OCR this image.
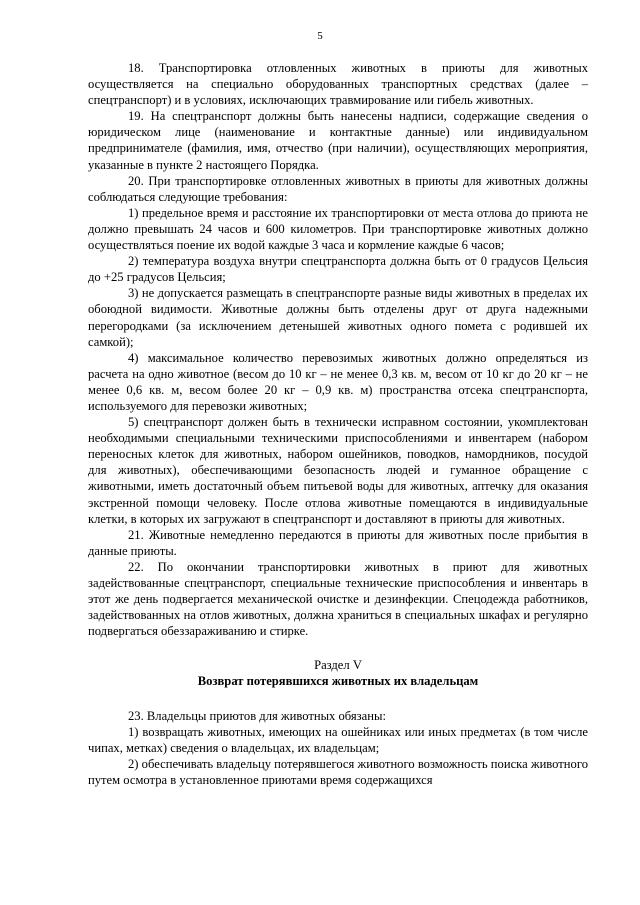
5

18. Транспортировка отловленных животных в приюты для животных осуществляется на специально оборудованных транспортных средствах (далее – спецтранспорт) и в условиях, исключающих травмирование или гибель животных.

19. На спецтранспорт должны быть нанесены надписи, содержащие сведения о юридическом лице (наименование и контактные данные) или индивидуальном предпринимателе (фамилия, имя, отчество (при наличии), осуществляющих мероприятия, указанные в пункте 2 настоящего Порядка.

20. При транспортировке отловленных животных в приюты для животных должны соблюдаться следующие требования:

1) предельное время и расстояние их транспортировки от места отлова до приюта не должно превышать 24 часов и 600 километров. При транспортировке животных должно осуществляться поение их водой каждые 3 часа и кормление каждые 6 часов;

2) температура воздуха внутри спецтранспорта должна быть от 0 градусов Цельсия до +25 градусов Цельсия;

3) не допускается размещать в спецтранспорте разные виды животных в пределах их обоюдной видимости. Животные должны быть отделены друг от друга надежными перегородками (за исключением детенышей животных одного помета с родившей их самкой);

4) максимальное количество перевозимых животных должно определяться из расчета на одно животное (весом до 10 кг – не менее 0,3 кв. м, весом от 10 кг до 20 кг – не менее 0,6 кв. м, весом более 20 кг – 0,9 кв. м) пространства отсека спецтранспорта, используемого для перевозки животных;

5) спецтранспорт должен быть в технически исправном состоянии, укомплектован необходимыми специальными техническими приспособлениями и инвентарем (набором переносных клеток для животных, набором ошейников, поводков, намордников, посудой для животных), обеспечивающими безопасность людей и гуманное обращение с животными, иметь достаточный объем питьевой воды для животных, аптечку для оказания экстренной помощи человеку. После отлова животные помещаются в индивидуальные клетки, в которых их загружают в спецтранспорт и доставляют в приюты для животных.

21. Животные немедленно передаются в приюты для животных после прибытия в данные приюты.

22. По окончании транспортировки животных в приют для животных задействованные спецтранспорт, специальные технические приспособления и инвентарь в этот же день подвергается механической очистке и дезинфекции. Спецодежда работников, задействованных на отлов животных, должна храниться в специальных шкафах и регулярно подвергаться обеззараживанию и стирке.

Раздел V

Возврат потерявшихся животных их владельцам

23. Владельцы приютов для животных обязаны:

1) возвращать животных, имеющих на ошейниках или иных предметах (в том числе чипах, метках) сведения о владельцах, их владельцам;

2) обеспечивать владельцу потерявшегося животного возможность поиска животного путем осмотра в установленное приютами время содержащихся
